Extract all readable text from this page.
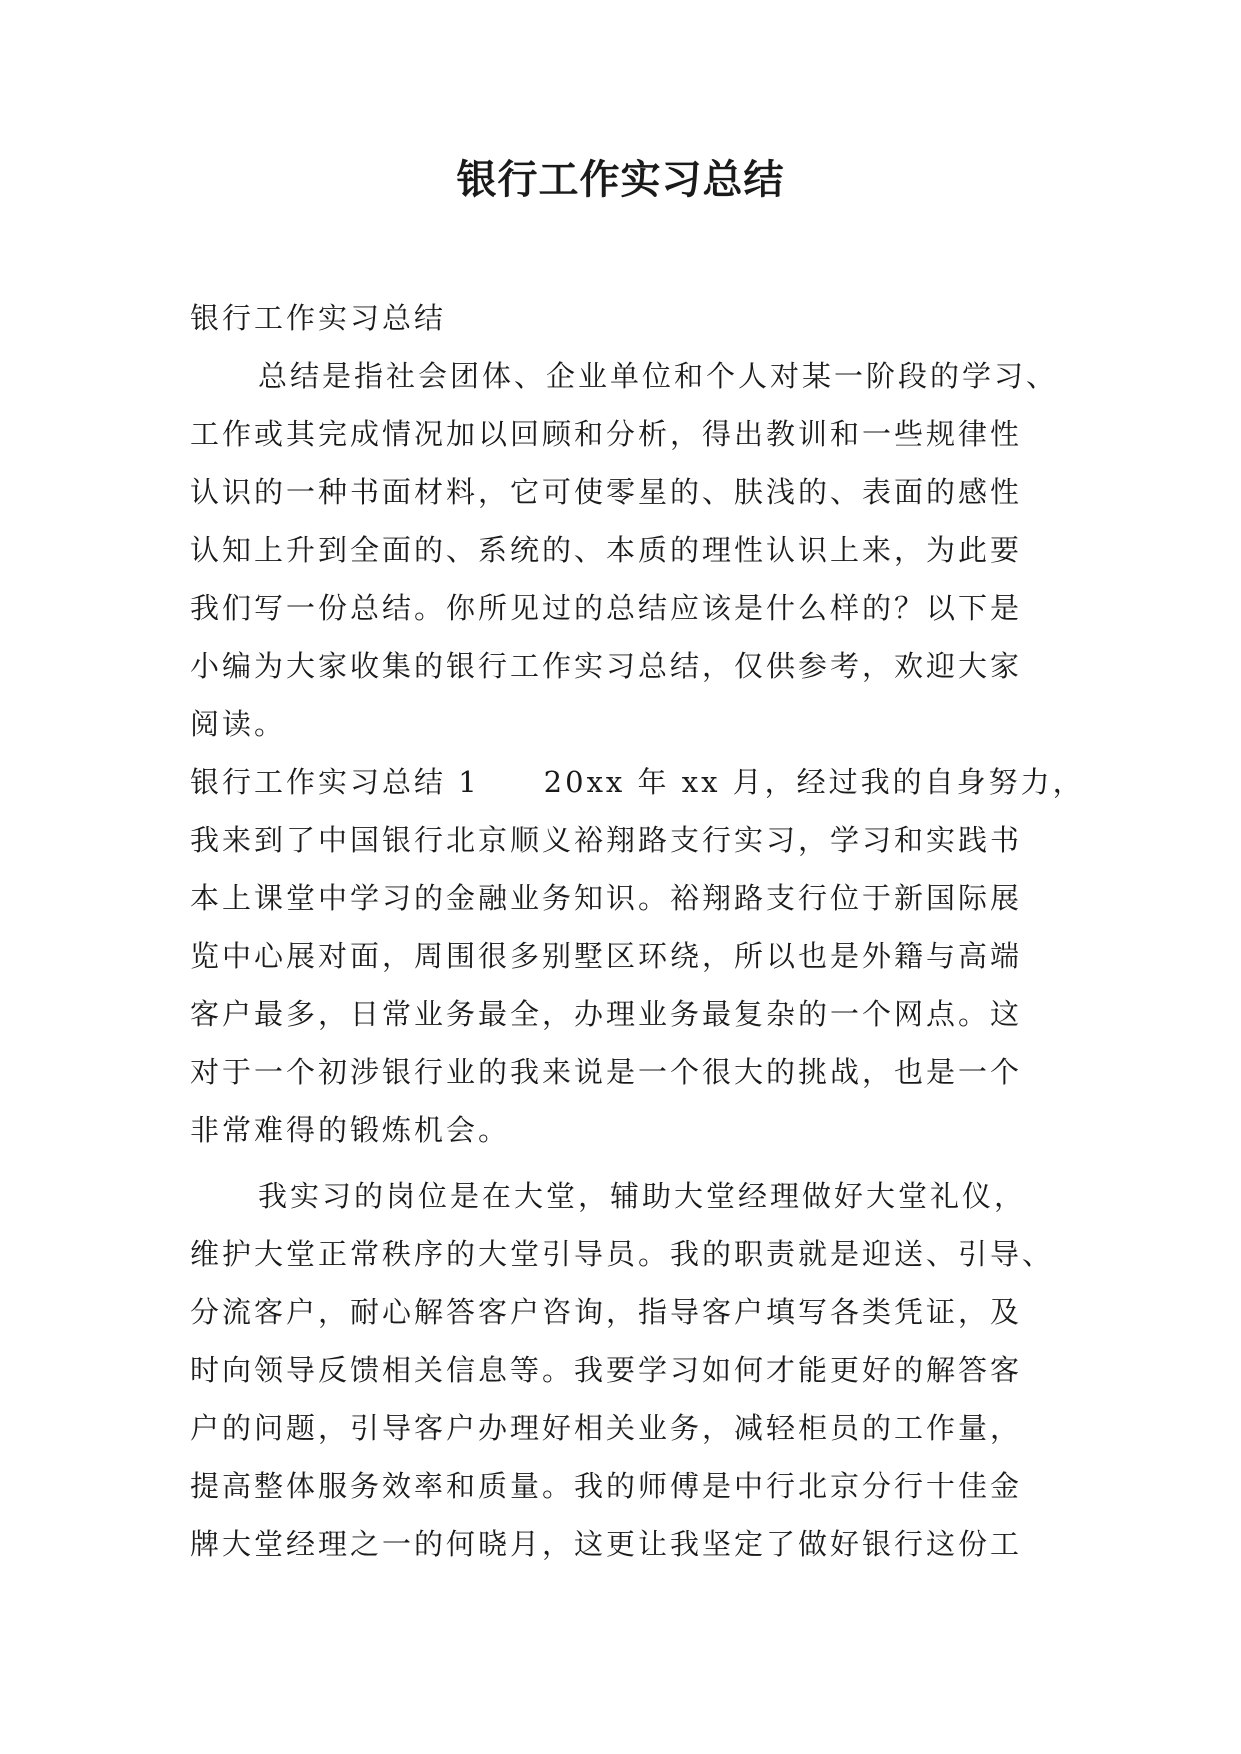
银行工作实习总结
银行工作实习总结
总结是指社会团体、企业单位和个人对某一阶段的学习、
工作或其完成情况加以回顾和分析，得出教训和一些规律性
认识的一种书面材料，它可使零星的、肤浅的、表面的感性
认知上升到全面的、系统的、本质的理性认识上来，为此要
我们写一份总结。你所见过的总结应该是什么样的？以下是
小编为大家收集的银行工作实习总结，仅供参考，欢迎大家
阅读。
银行工作实习总结 1 20xx 年 xx 月，经过我的自身努力，
我来到了中国银行北京顺义裕翔路支行实习，学习和实践书
本上课堂中学习的金融业务知识。裕翔路支行位于新国际展
览中心展对面，周围很多别墅区环绕，所以也是外籍与高端
客户最多，日常业务最全，办理业务最复杂的一个网点。这
对于一个初涉银行业的我来说是一个很大的挑战，也是一个
非常难得的锻炼机会。
我实习的岗位是在大堂，辅助大堂经理做好大堂礼仪，
维护大堂正常秩序的大堂引导员。我的职责就是迎送、引导、
分流客户，耐心解答客户咨询，指导客户填写各类凭证，及
时向领导反馈相关信息等。我要学习如何才能更好的解答客
户的问题，引导客户办理好相关业务，减轻柜员的工作量，
提高整体服务效率和质量。我的师傅是中行北京分行十佳金
牌大堂经理之一的何晓月，这更让我坚定了做好银行这份工
